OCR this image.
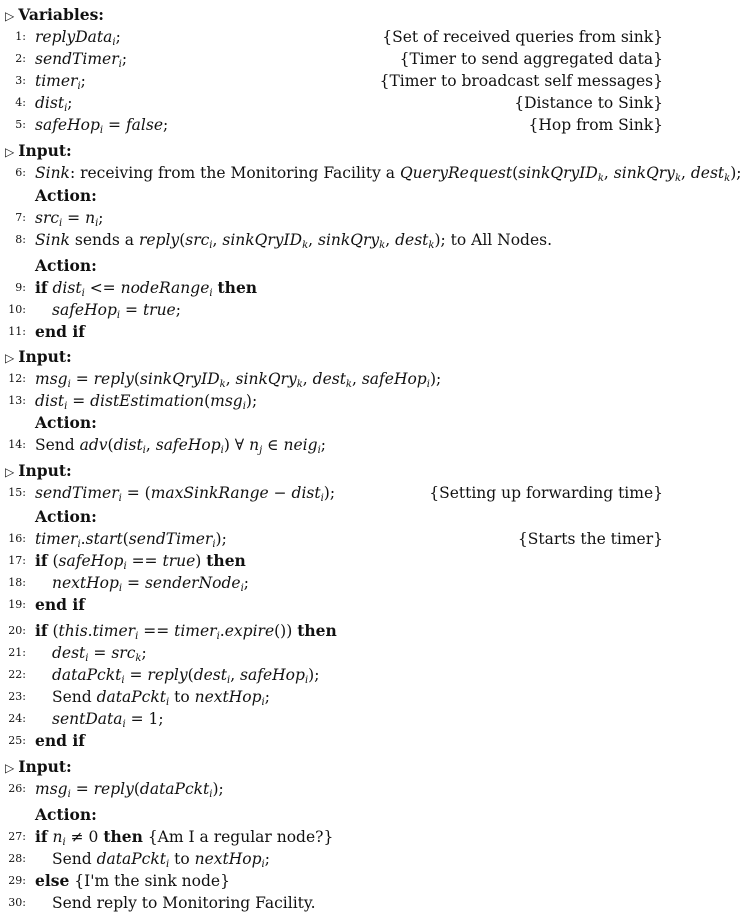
▷ Variables:
1: replyData$_i$;	{Set of received queries from sink}
2: sendTimer$_i$;	{Timer to send aggregated data}
3: timer$_i$;	{Timer to broadcast self messages}
4: dist$_i$;	{Distance to Sink}
5: safeHop$_i$ = false;	{Hop from Sink}
▷ Input:
6: Sink: receiving from the Monitoring Facility a QueryRequest(sinkQryID$_k$, sinkQry$_k$, dest$_k$);
Action:
7: $src_i = n_i$;
8: Sink sends a reply(src$_i$, sinkQryID$_k$, sinkQry$_k$, dest$_k$); to All Nodes.
Action:
9: if dist$_i$ <= nodeRange$_i$ then
10: safeHop$_i$ = true;
11: end if
▷ Input:
12: msg$_i$ = reply(sinkQryID$_k$, sinkQry$_k$, dest$_k$, safeHop$_i$);
13: dist$_i$ = distEstimation(msg$_i$);
Action:
14: Send adv(dist$_i$, safeHop$_i$) ∀ $n_j$ ∈ neig$_i$;
▷ Input:
15: sendTimer$_i$ = (maxSinkRange − dist$_i$);	{Setting up forwarding time}
Action:
16: timer$_i$.start(sendTimer$_i$);	{Starts the timer}
17: if (safeHop$_i$ == true) then
18: nextHop$_i$ = senderNode$_i$;
19: end if
20: if (this.timer$_i$ == timer$_i$.expire()) then
21: dest$_i$ = src$_k$;
22: dataPckt$_i$ = reply(dest$_i$, safeHop$_i$);
23: Send dataPckt$_i$ to nextHop$_i$;
24: sentData$_i$ = 1;
25: end if
▷ Input:
26: msg$_i$ = reply(dataPckt$_i$);
Action:
27: if $n_i \ne 0$ then {Am I a regular node?}
28: Send dataPckt$_i$ to nextHop$_i$;
29: else {I'm the sink node}
30: Send reply to Monitoring Facility.
